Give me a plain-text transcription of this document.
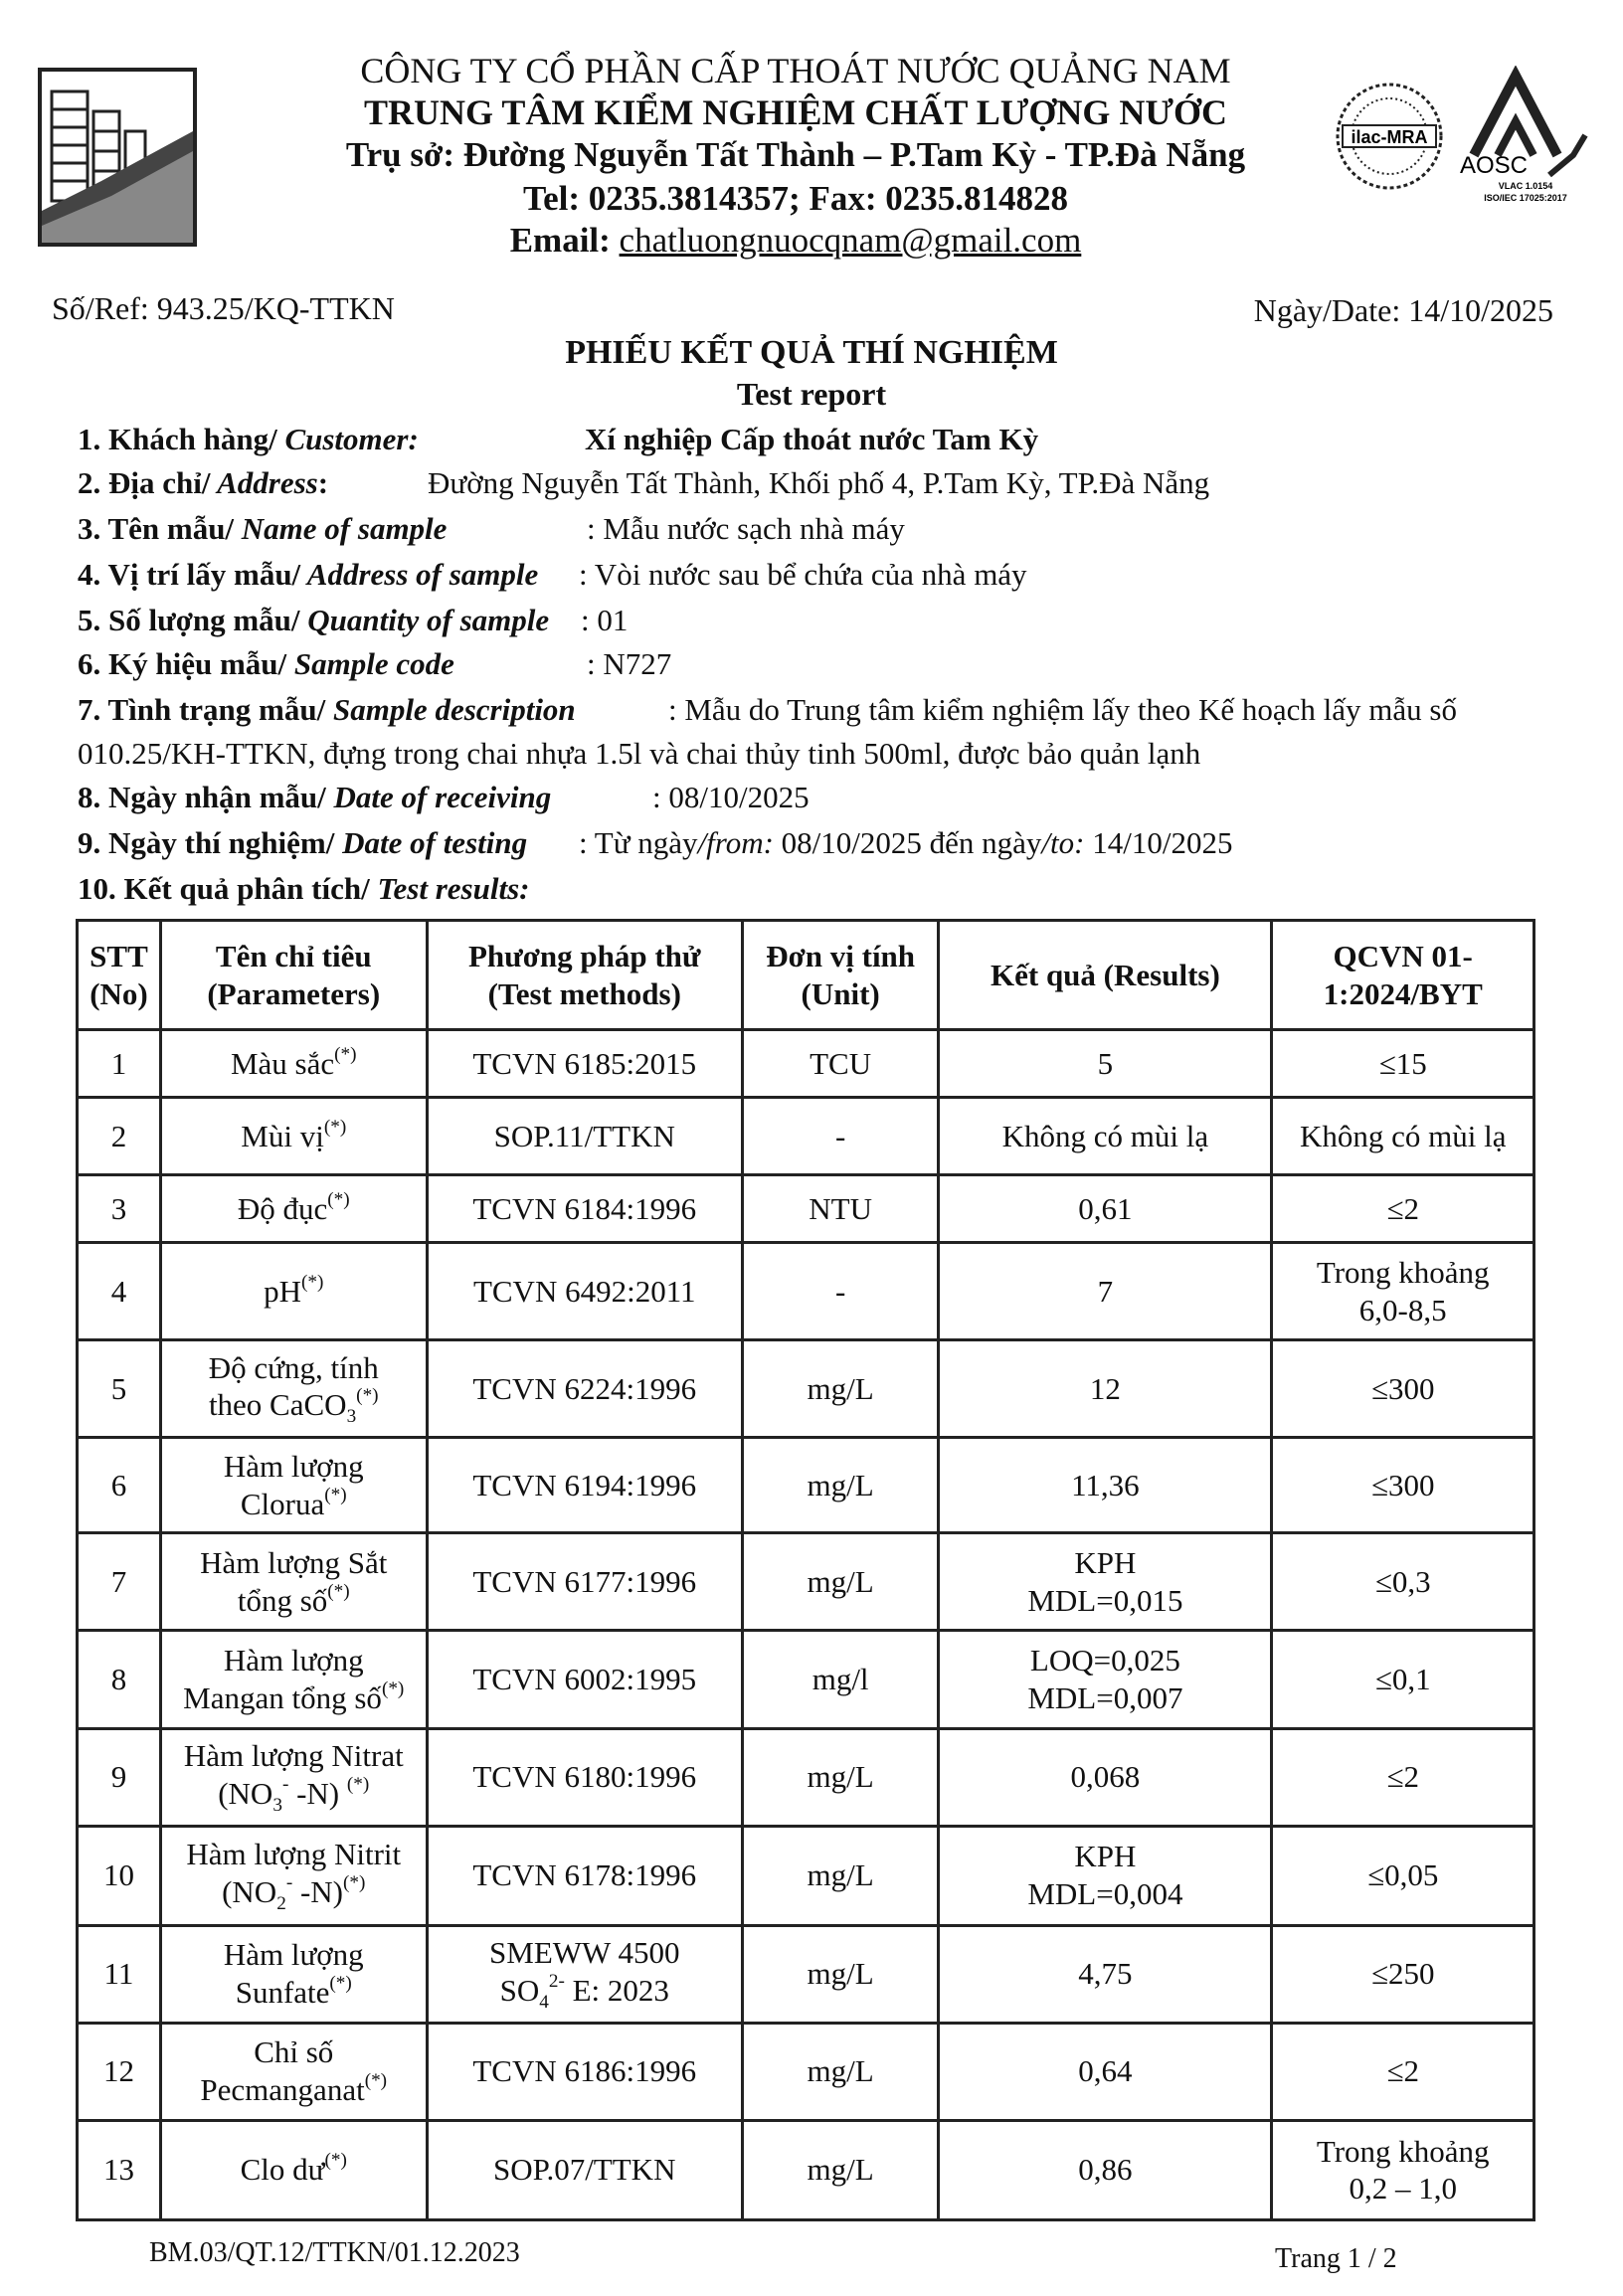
CÔNG TY CỔ PHẦN CẤP THOÁT NƯỚC QUẢNG NAM
TRUNG TÂM KIỂM NGHIỆM CHẤT LƯỢNG NƯỚC
Trụ sở: Đường Nguyễn Tất Thành – P.Tam Kỳ - TP.Đà Nẵng
Tel: 0235.3814357; Fax: 0235.814828
Email: chatluongnuocqnam@gmail.com
ilac-MRA
AOSC
VLAC 1.0154
ISO/IEC 17025:2017
Số/Ref: 943.25/KQ-TTKN	Ngày/Date: 14/10/2025
PHIẾU KẾT QUẢ THÍ NGHIỆM
Test report
1. Khách hàng/ Customer:	Xí nghiệp Cấp thoát nước Tam Kỳ
2. Địa chỉ/ Address:	Đường Nguyễn Tất Thành, Khối phố 4, P.Tam Kỳ, TP.Đà Nẵng
3. Tên mẫu/ Name of sample	: Mẫu nước sạch nhà máy
4. Vị trí lấy mẫu/ Address of sample : Vòi nước sau bể chứa của nhà máy
5. Số lượng mẫu/ Quantity of sample : 01
6. Ký hiệu mẫu/ Sample code	: N727
7. Tình trạng mẫu/ Sample description	: Mẫu do Trung tâm kiểm nghiệm lấy theo Kế hoạch lấy mẫu số
010.25/KH-TTKN, đựng trong chai nhựa 1.5l và chai thủy tinh 500ml, được bảo quản lạnh
8. Ngày nhận mẫu/ Date of receiving	: 08/10/2025
9. Ngày thí nghiệm/ Date of testing : Từ ngày/from: 08/10/2025 đến ngày/to: 14/10/2025
10. Kết quả phân tích/ Test results:
STT (No)	Tên chỉ tiêu (Parameters)	Phương pháp thử (Test methods)	Đơn vị tính (Unit)	Kết quả (Results)	QCVN 01-1:2024/BYT
1	Màu sắc(*)	TCVN 6185:2015	TCU	5	≤15
2	Mùi vị(*)	SOP.11/TTKN	-	Không có mùi lạ	Không có mùi lạ
3	Độ đục(*)	TCVN 6184:1996	NTU	0,61	≤2
4	pH(*)	TCVN 6492:2011	-	7	Trong khoảng
6,0-8,5
5	Độ cứng, tính
theo CaCO$_3$(*)	TCVN 6224:1996	mg/L	12	≤300
6	Hàm lượng
Clorua(*)	TCVN 6194:1996	mg/L	11,36	≤300
7	Hàm lượng Sắt
tổng số(*)	TCVN 6177:1996	mg/L	KPH
MDL=0,015	≤0,3
8	Hàm lượng
Mangan tổng số(*)	TCVN 6002:1995	mg/l	LOQ=0,025
MDL=0,007	≤0,1
9	Hàm lượng Nitrat
($NO_3^-$ -N) (*)	TCVN 6180:1996	mg/L	0,068	≤2
10	Hàm lượng Nitrit
($NO_2^-$ -N)(*)	TCVN 6178:1996	mg/L	KPH
MDL=0,004	≤0,05
11	Hàm lượng
Sunfate(*)	SMEWW 4500
$SO_4^{2-}$ E: 2023	mg/L	4,75	≤250
12	Chỉ số
Pecmanganat(*)	TCVN 6186:1996	mg/L	0,64	≤2
13	Clo dư(*)	SOP.07/TTKN	mg/L	0,86	Trong khoảng
0,2 – 1,0
BM.03/QT.12/TTKN/01.12.2023	Trang 1 / 2
